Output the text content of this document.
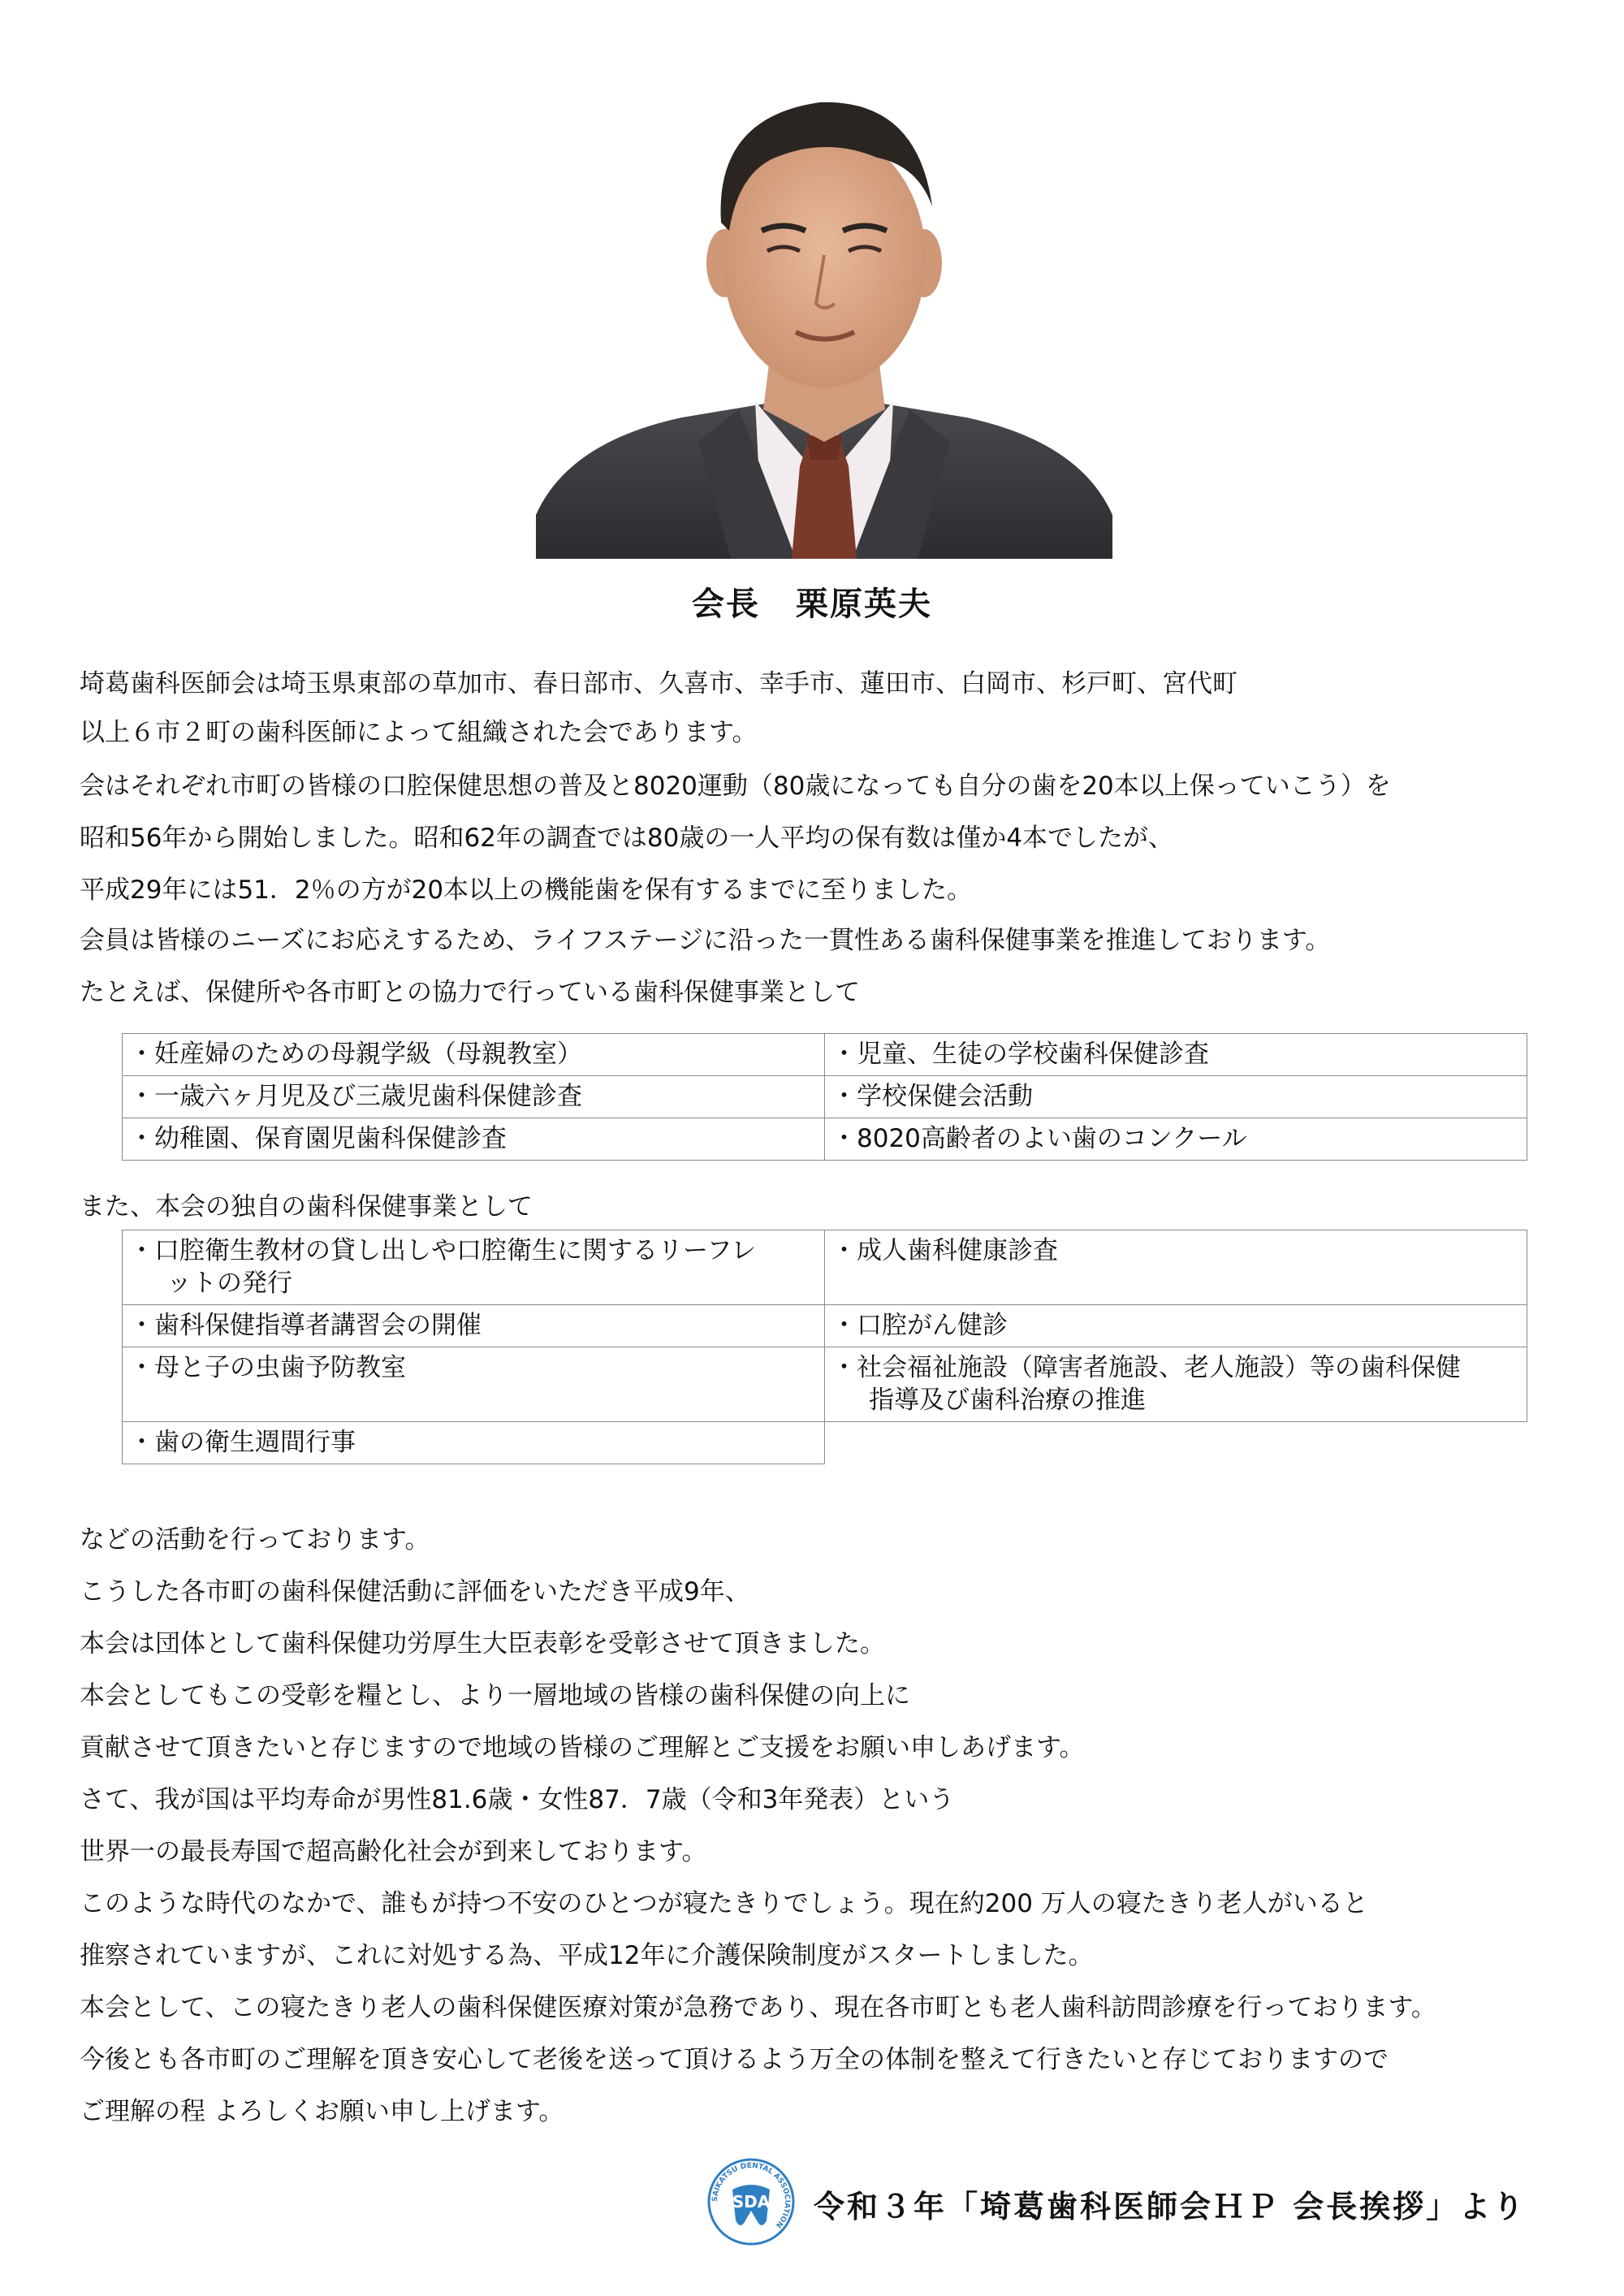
会長 栗原英夫
埼葛歯科医師会は埼玉県東部の草加市、春日部市、久喜市、幸手市、蓮田市、白岡市、杉戸町、宮代町
以上６市２町の歯科医師によって組織された会であります。
会はそれぞれ市町の皆様の口腔保健思想の普及と8020運動（80歳になっても自分の歯を20本以上保っていこう）を
昭和56年から開始しました。昭和62年の調査では80歳の一人平均の保有数は僅か4本でしたが、
平成29年には51．2％の方が20本以上の機能歯を保有するまでに至りました。
会員は皆様のニーズにお応えするため、ライフステージに沿った一貫性ある歯科保健事業を推進しております。
たとえば、保健所や各市町との協力で行っている歯科保健事業として
・妊産婦のための母親学級（母親教室）	・児童、生徒の学校歯科保健診査
・一歳六ヶ月児及び三歳児歯科保健診査	・学校保健会活動
・幼稚園、保育園児歯科保健診査	・8020高齢者のよい歯のコンクール
また、本会の独自の歯科保健事業として
・口腔衛生教材の貸し出しや口腔衛生に関するリーフレ
ットの発行	・成人歯科健康診査
・歯科保健指導者講習会の開催	・口腔がん健診
・母と子の虫歯予防教室	・社会福祉施設（障害者施設、老人施設）等の歯科保健
指導及び歯科治療の推進

・歯の衛生週間行事	
などの活動を行っております。
こうした各市町の歯科保健活動に評価をいただき平成9年、
本会は団体として歯科保健功労厚生大臣表彰を受彰させて頂きました。
本会としてもこの受彰を糧とし、より一層地域の皆様の歯科保健の向上に
貢献させて頂きたいと存じますので地域の皆様のご理解とご支援をお願い申しあげます。
さて、我が国は平均寿命が男性81.6歳・女性87．7歳（令和3年発表）という
世界一の最長寿国で超高齢化社会が到来しております。
このような時代のなかで、誰もが持つ不安のひとつが寝たきりでしょう。現在約200 万人の寝たきり老人がいると
推察されていますが、これに対処する為、平成12年に介護保険制度がスタートしました。
本会として、この寝たきり老人の歯科保健医療対策が急務であり、現在各市町とも老人歯科訪問診療を行っております。
今後とも各市町のご理解を頂き安心して老後を送って頂けるよう万全の体制を整えて行きたいと存じておりますので
ご理解の程 よろしくお願い申し上げます。
SAIKATSU DENTAL ASSOCIATION
SDA 令和３年「埼葛歯科医師会ＨＰ 会長挨拶」より
